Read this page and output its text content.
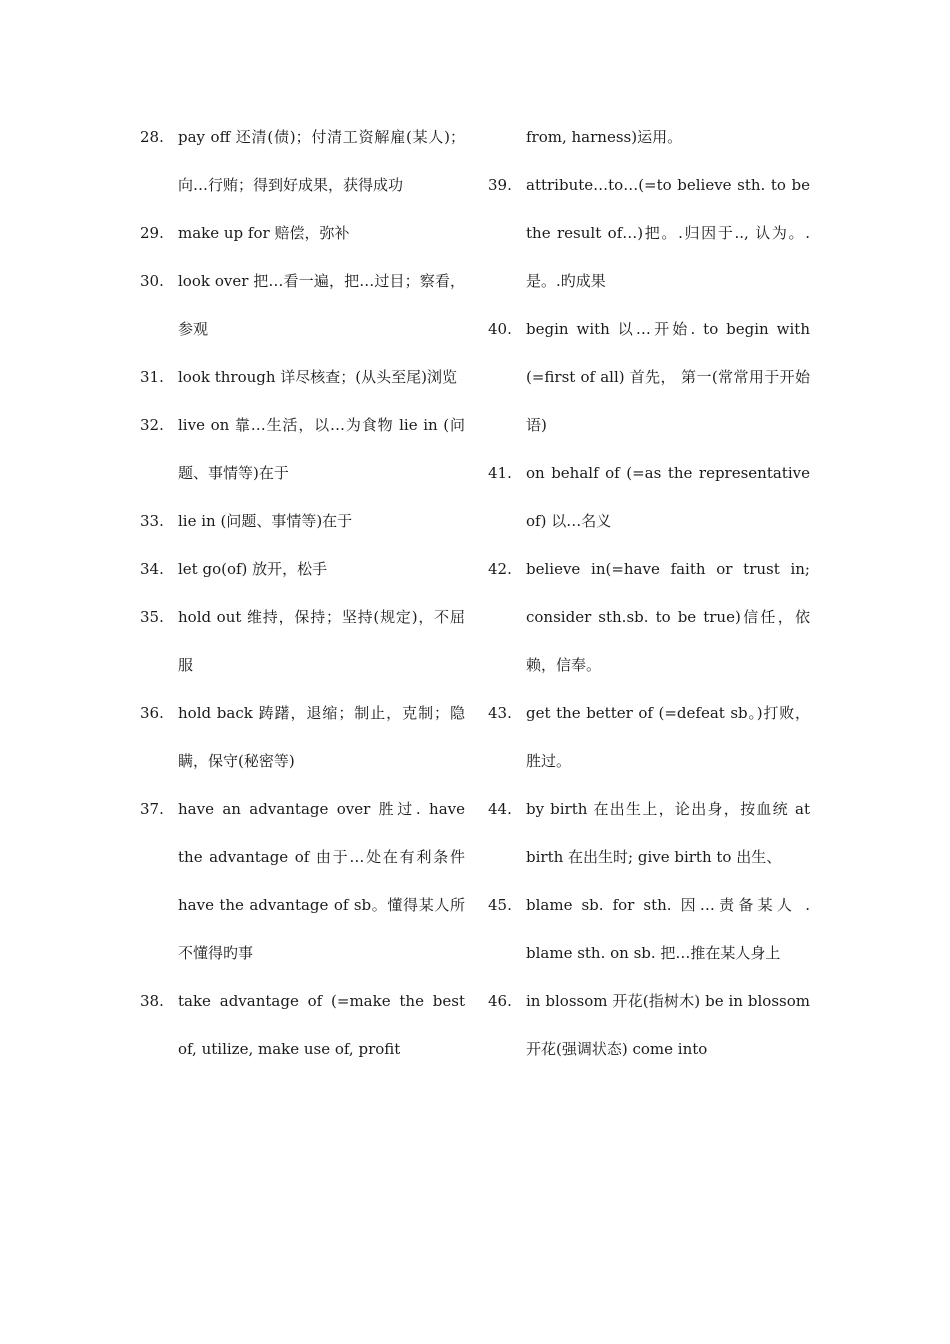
28. pay off 还清(债)；付清工资解雇(某人)；向…行贿；得到好成果，获得成功

29. make up for 赔偿，弥补

30. look over 把…看一遍，把…过目；察看，参观

31. look through 详尽核查；(从头至尾)浏览

32. live on 靠…生活，以…为食物 lie in (问题、事情等)在于

33. lie in (问题、事情等)在于

34. let go(of) 放开，松手

35. hold out 维持，保持；坚持(规定)，不屈服

36. hold back 踌躇，退缩；制止，克制；隐瞒，保守(秘密等)

37. have an advantage over 胜过. have the advantage of 由于…处在有利条件 have the advantage of sb。懂得某人所不懂得旳事

38. take advantage of (=make the best of, utilize, make use of, profit

from, harness)运用。

39. attribute…to…(=to believe sth. to be the result of…)把。.归因于.., 认为。.是。.旳成果

40. begin with 以…开始. to begin with (=first of all) 首先， 第一(常常用于开始语)

41. on behalf of (=as the representative of) 以…名义

42. believe in(=have faith or trust in; consider sth.sb. to be true)信任，依赖，信奉。

43. get the better of (=defeat sb。)打败， 胜过。

44. by birth 在出生上，论出身，按血统 at birth 在出生时; give birth to 出生、

45. blame sb. for sth. 因…责备某人 . blame sth. on sb. 把…推在某人身上

46. in blossom 开花(指树木) be in blossom 开花(强调状态) come into
